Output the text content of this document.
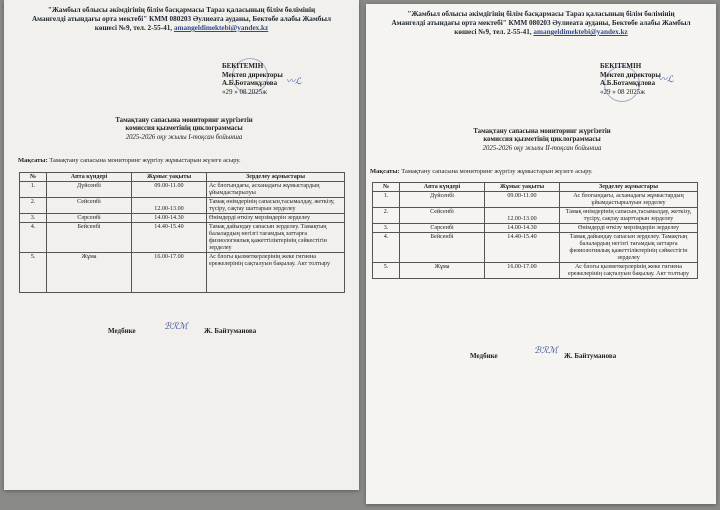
"Жамбыл облысы әкімдігінің білім басқармасы Тараз қаласының білім бөлімінің
Амангелді атындағы орта мектебі" КММ 080203 Әулиеата ауданы, Бектөбе алабы Жамбыл
көшесі №9, тел. 2-55-41, amangeldimektebi@yandex.kz
БЕКІТЕМІН
Мектеп директоры
А.Б.Ботамқұлова
«29 » 08 2025ж
〰︎ℒ
Тамақтану сапасына мониторинг жүргізетін
комиссия қызметінің циклограммасы
2025-2026 оқу жылы І-тоқсан бойынша
Мақсаты: Тамақтану сапасына мониторинг жүргізу жұмыстарын жүзеге асыру.
№	Апта күндері	Жұмыс уақыты	Зерделеу жұмыстары
1.	Дүйсенбі	09.00-11.00	Ас блогындағы, асханадағы жұмыстардың ұйымдастырылуы
2.	Сейсенбі	12.00-13.00	Тамақ өнімдерінің сапасын,тасымалдау, жеткізу, түсіру, сақтау шаттарын зерделеу
3.	Сәрсенбі	14.00-14.30	Өнімдерді өткізу мерзімдерін зерделеу
4.	Бейсенбі	14.40-15.40	Тамақ дайындау сапасын зерделеу. Тамақтың балалардың негізгі тағамдық заттарға физиологиялық қажеттіліктерінің сәйкестігін зерделеу
5.	Жұма	16.00-17.00	Ас блогы қызметкерлерінің жеке гигиена ережелерінің сақталуын бақылау. Акт толтыру
Медбике	ℬℛℳ Ж. Байтуманова
"Жамбыл облысы әкімдігінің білім басқармасы Тараз қаласының білім бөлімінің
Амангелді атындағы орта мектебі" КММ 080203 Әулиеата ауданы, Бектөбе алабы Жамбыл
көшесі №9, тел. 2-55-41, amangeldimektebi@yandex.kz
БЕКІТЕМІН
Мектеп директоры
А.Б.Ботамқұлова
«29 » 08 2025ж
〰︎ℒ
Тамақтану сапасына мониторинг жүргізетін
комиссия қызметінің циклограммасы
2025-2026 оқу жылы ІІ-тоқсан бойынша
Мақсаты: Тамақтану сапасына мониторинг жүргізу жұмыстарын жүзеге асыру.
№	Апта күндері	Жұмыс уақыты	Зерделеу жұмыстары
1.	Дүйсенбі	09.00-11.00	Ас блогындағы, асханадағы жұмыстардың ұйымдастырылуын зерделеу
2.	Сейсенбі	12.00-13.00	Тамақ өнімдерінің сапасын,тасымалдау, жеткізу, түсіру, сақтау шарттарын зерделеу
3.	Сәрсенбі	14.00-14.30	Өнімдерді өткізу мерзімдерін зерделеу
4.	Бейсенбі	14.40-15.40	Тамақ дайындау сапасын зерделеу. Тамақтың балалардың негізгі тағамдық заттарға физиологиялық қажеттіліктерінің сәйкестігін зерделеу
5.	Жұма	16.00-17.00	Ас блогы қызметкерлерінің жеке гигиена ережелерінің сақталуын бақылау. Акт толтыру
Медбике	ℬℛℳ Ж. Байтуманова
